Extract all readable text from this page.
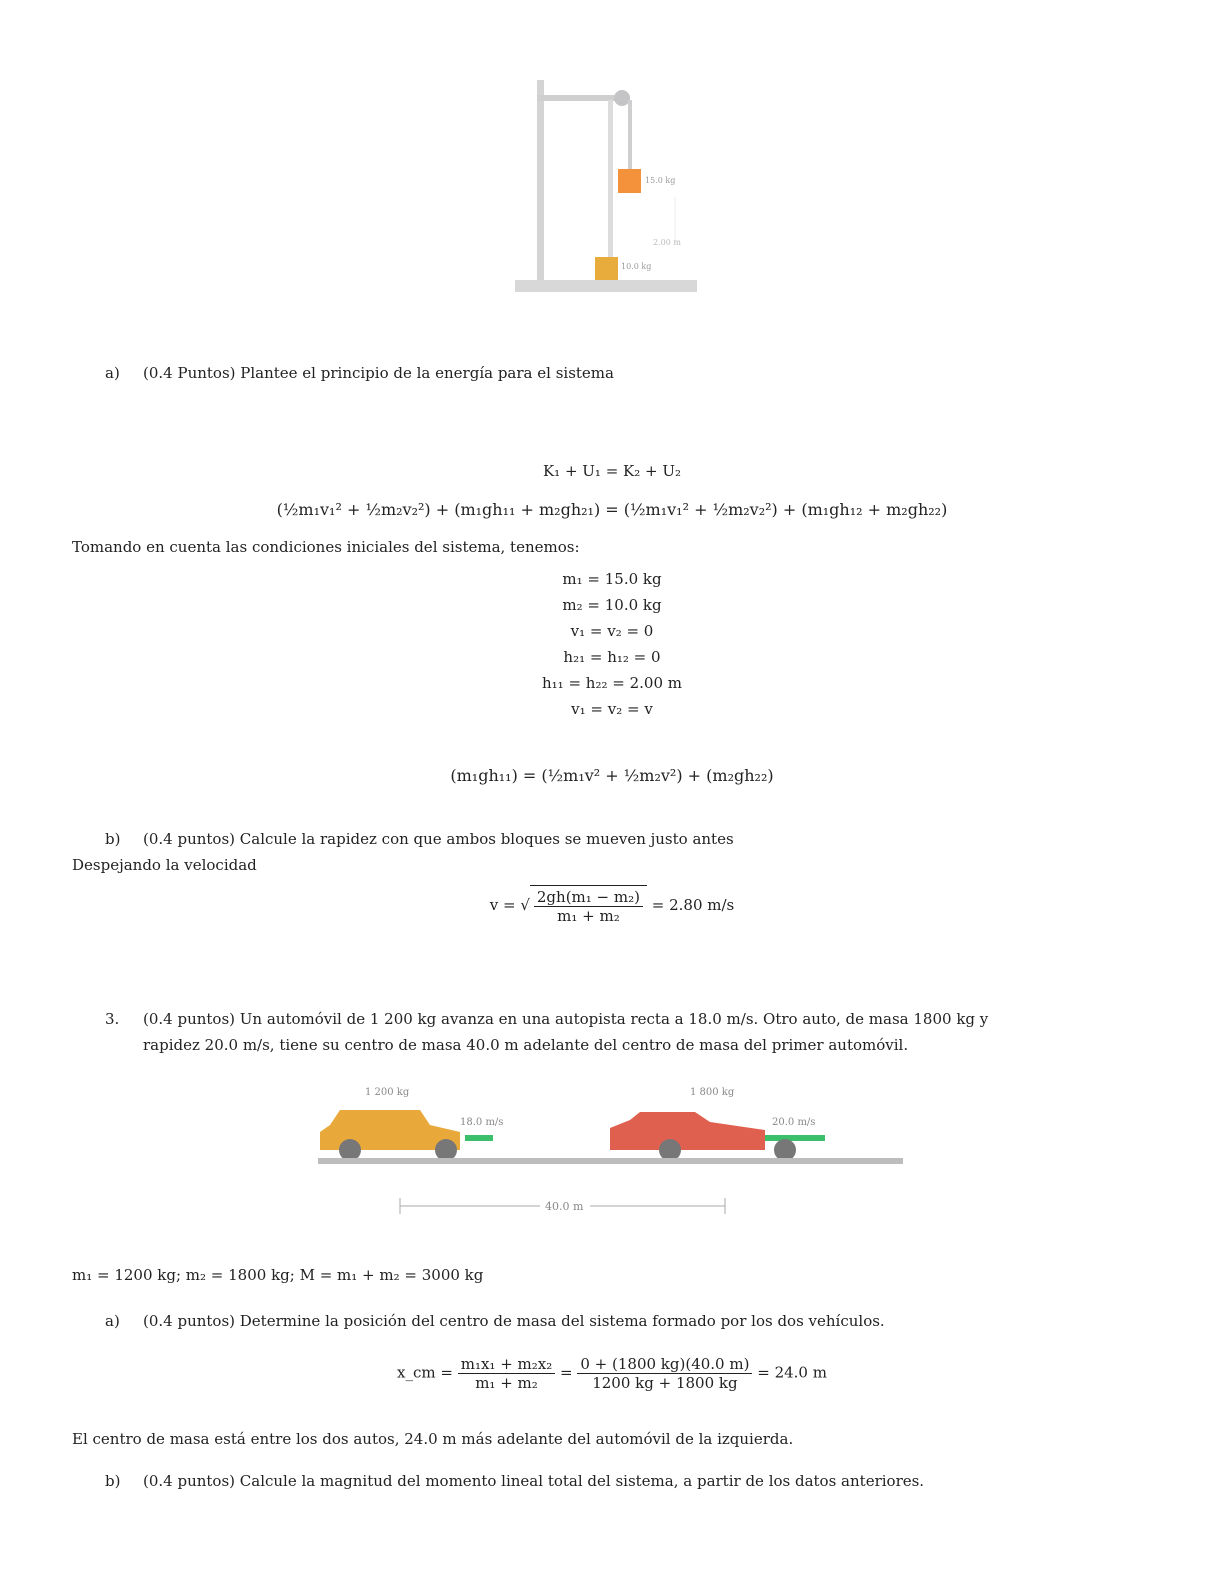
15.0 kg
10.0 kg
2.00 m
a) (0.4 Puntos) Plantee el principio de la energía para el sistema
K₁ + U₁ = K₂ + U₂
(½m₁v₁² + ½m₂v₂²) + (m₁gh₁₁ + m₂gh₂₁) = (½m₁v₁² + ½m₂v₂²) + (m₁gh₁₂ + m₂gh₂₂)
Tomando en cuenta las condiciones iniciales del sistema, tenemos:
m₁ = 15.0 kg
m₂ = 10.0 kg
v₁ = v₂ = 0
h₂₁ = h₁₂ = 0
h₁₁ = h₂₂ = 2.00 m
v₁ = v₂ = v
(m₁gh₁₁) = (½m₁v² + ½m₂v²) + (m₂gh₂₂)
b) (0.4 puntos) Calcule la rapidez con que ambos bloques se mueven justo antes
Despejando la velocidad
v = √ $\frac{\text{2gh(m₁ − m₂)}}{\text{m₁ + m₂}} = 2.80$ m/s
3. (0.4 puntos) Un automóvil de 1 200 kg avanza en una autopista recta a 18.0 m/s. Otro auto, de masa 1800 kg y
rapidez 20.0 m/s, tiene su centro de masa 40.0 m adelante del centro de masa del primer automóvil.
1 200 kg	1 800 kg
18.0 m/s	20.0 m/s
40.0 m
m₁ = 1200 kg; m₂ = 1800 kg; M = m₁ + m₂ = 3000 kg
a) (0.4 puntos) Determine la posición del centro de masa del sistema formado por los dos vehículos.
x_cm = $\frac{\text{m₁x₁ + m₂x₂}}{\text{m₁ + m₂}} = \frac{0 + (1800 kg)(40.0 m)}{1200 kg + 1800 kg} = 24.0$ m
El centro de masa está entre los dos autos, 24.0 m más adelante del automóvil de la izquierda.
b) (0.4 puntos) Calcule la magnitud del momento lineal total del sistema, a partir de los datos anteriores.
